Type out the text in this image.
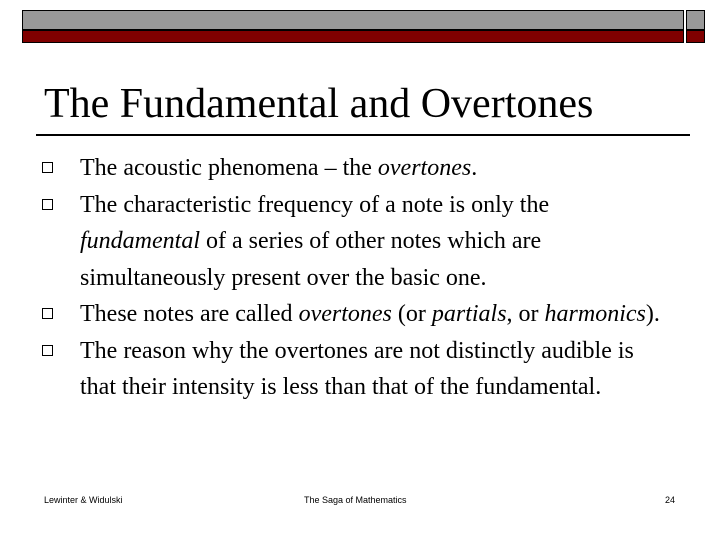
The Fundamental and Overtones
The acoustic phenomena – the overtones.
The characteristic frequency of a note is only the fundamental of a series of other notes which are simultaneously present over the basic one.
These notes are called overtones (or partials, or harmonics).
The reason why the overtones are not distinctly audible is that their intensity is less than that of the fundamental.
Lewinter & Widulski	The Saga of Mathematics	24
